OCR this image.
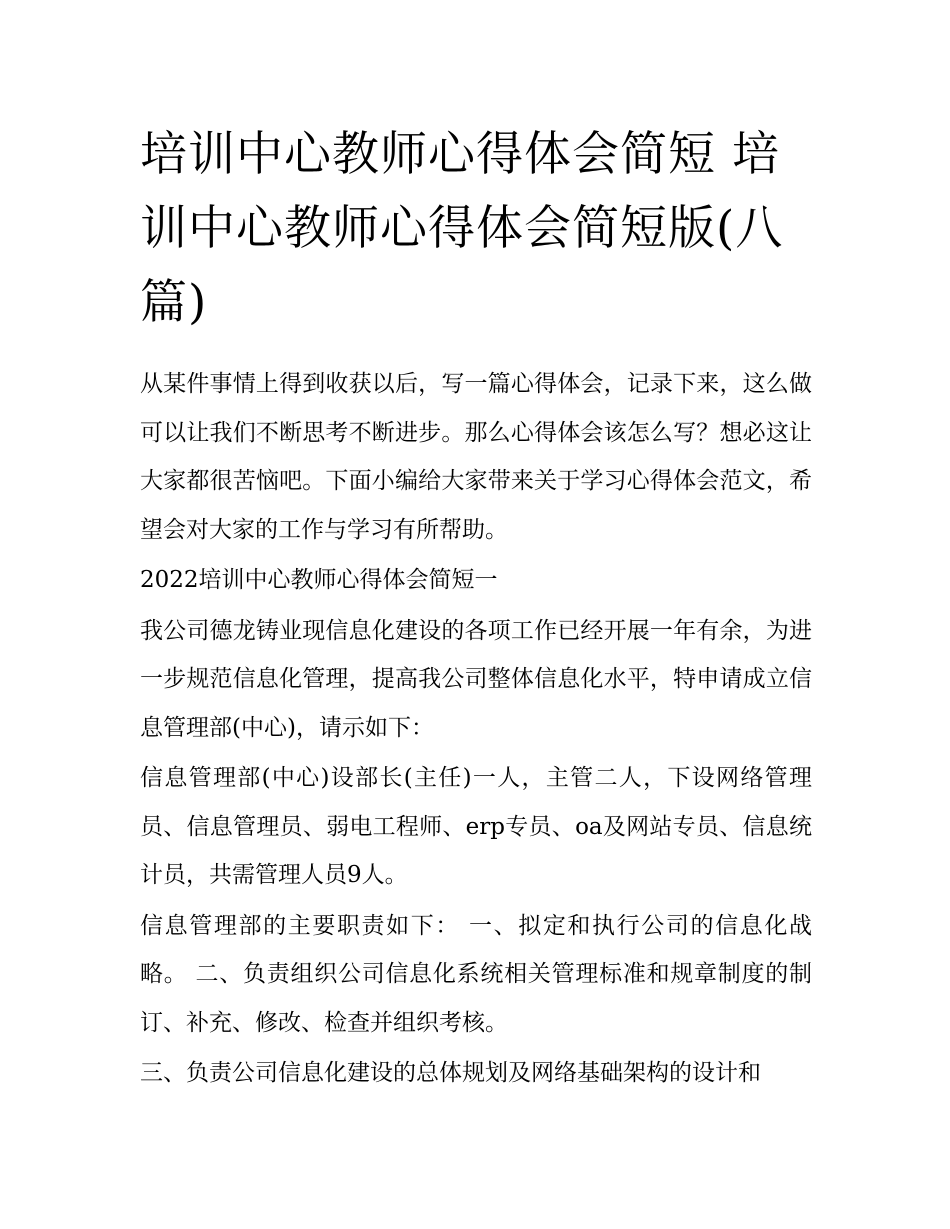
培训中心教师心得体会简短 培训中心教师心得体会简短版(八篇)

从某件事情上得到收获以后，写一篇心得体会，记录下来，这么做可以让我们不断思考不断进步。那么心得体会该怎么写？想必这让大家都很苦恼吧。下面小编给大家带来关于学习心得体会范文，希望会对大家的工作与学习有所帮助。

2022培训中心教师心得体会简短一

我公司德龙铸业现信息化建设的各项工作已经开展一年有余，为进一步规范信息化管理，提高我公司整体信息化水平，特申请成立信息管理部(中心)，请示如下：

信息管理部(中心)设部长(主任)一人，主管二人，下设网络管理员、信息管理员、弱电工程师、erp专员、oa及网站专员、信息统计员，共需管理人员9人。

信息管理部的主要职责如下： 一、拟定和执行公司的信息化战略。 二、负责组织公司信息化系统相关管理标准和规章制度的制订、补充、修改、检查并组织考核。

三、负责公司信息化建设的总体规划及网络基础架构的设计和
